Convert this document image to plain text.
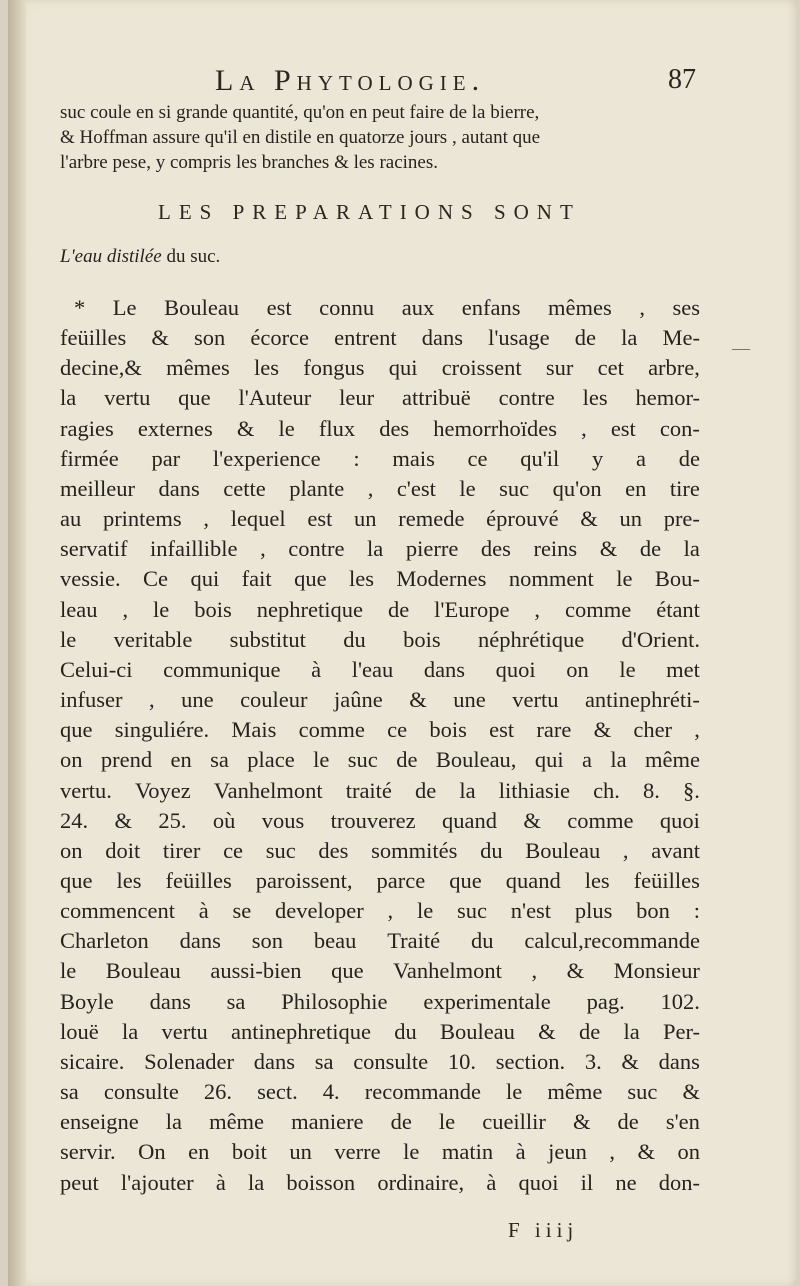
La Phytologie.	87
suc coule en si grande quantité, qu'on en peut faire de la bierre,
& Hoffman assure qu'il en distile en quatorze jours , autant que
l'arbre pese, y compris les branches & les racines.
LES PREPARATIONS SONT
L'eau distilée du suc.
—
* Le Bouleau est connu aux enfans mêmes , ses
feüilles & son écorce entrent dans l'usage de la Me-
decine,& mêmes les fongus qui croissent sur cet arbre,
la vertu que l'Auteur leur attribuë contre les hemor-
ragies externes & le flux des hemorrhoïdes , est con-
firmée par l'experience : mais ce qu'il y a de
meilleur dans cette plante , c'est le suc qu'on en tire
au printems , lequel est un remede éprouvé & un pre-
servatif infaillible , contre la pierre des reins & de la
vessie. Ce qui fait que les Modernes nomment le Bou-
leau , le bois nephretique de l'Europe , comme étant
le veritable substitut du bois néphrétique d'Orient.
Celui-ci communique à l'eau dans quoi on le met
infuser , une couleur jaûne & une vertu antinephréti-
que singuliére. Mais comme ce bois est rare & cher ,
on prend en sa place le suc de Bouleau, qui a la même
vertu. Voyez Vanhelmont traité de la lithiasie ch. 8. §.
24. & 25. où vous trouverez quand & comme quoi
on doit tirer ce suc des sommités du Bouleau , avant
que les feüilles paroissent, parce que quand les feüilles
commencent à se developer , le suc n'est plus bon :
Charleton dans son beau Traité du calcul,recommande
le Bouleau aussi-bien que Vanhelmont , & Monsieur
Boyle dans sa Philosophie experimentale pag. 102.
louë la vertu antinephretique du Bouleau & de la Per-
sicaire. Solenader dans sa consulte 10. section. 3. & dans
sa consulte 26. sect. 4. recommande le même suc &
enseigne la même maniere de le cueillir & de s'en
servir. On en boit un verre le matin à jeun , & on
peut l'ajouter à la boisson ordinaire, à quoi il ne don-
F iiij
